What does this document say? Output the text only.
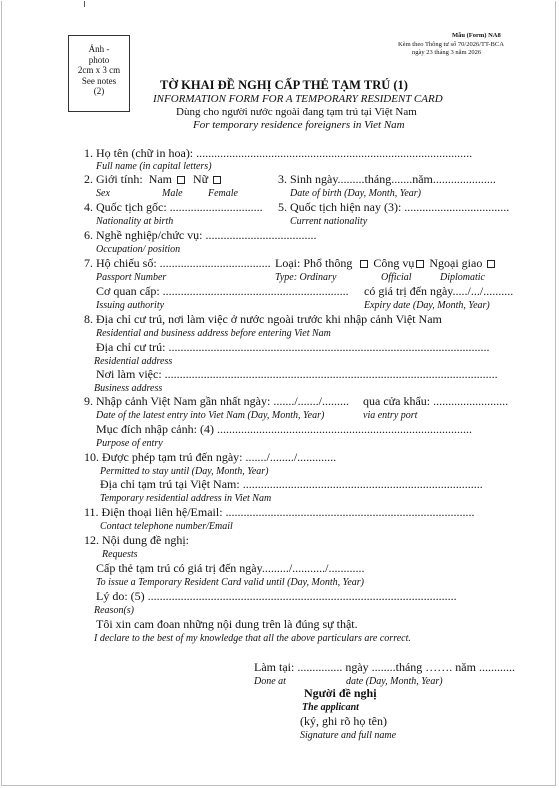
Mẫu (Form) NA8
Kèm theo Thông tư số 70/2026/TT-BCA
ngày 23 tháng 3 năm 2026
Ảnh -
photo
2cm x 3 cm
See notes
(2)	TỜ KHAI ĐỀ NGHỊ CẤP THẺ TẠM TRÚ (1)
INFORMATION FORM FOR A TEMPORARY RESIDENT CARD
Dùng cho người nước ngoài đang tạm trú tại Việt Nam
For temporary residence foreigners in Viet Nam
1. Họ tên (chữ in hoa): ............................................................................................
Full name (in capital letters)
2. Giới tính: Nam Nữ	3. Sinh ngày.........tháng.......năm.....................
Sex	Male	Female	Date of birth (Day, Month, Year)
4. Quốc tịch gốc: ............................... 5. Quốc tịch hiện nay (3): ...................................
Nationality at birth	Current nationality
6. Nghề nghiệp/chức vụ: .....................................
Occupation/ position
7. Hộ chiếu số: ..................................... Loại: Phổ thông Công vụ Ngoại giao
Passport Number	Type: Ordinary	Official	Diplomatic
Cơ quan cấp: .............................................................. có giá trị đến ngày...../.../..........
Issuing authority	Expiry date (Day, Month, Year)
8. Địa chỉ cư trú, nơi làm việc ở nước ngoài trước khi nhập cảnh Việt Nam
Residential and business address before entering Viet Nam
Địa chỉ cư trú: ...........................................................................................................
Residential address
Nơi làm việc: ...............................................................................................................
Business address
9. Nhập cảnh Việt Nam gần nhất ngày: ......./......./......... qua cửa khẩu: .........................
Date of the latest entry into Viet Nam (Day, Month, Year)	via entry port
Mục đích nhập cảnh: (4) .....................................................................................
Purpose of entry
10. Được phép tạm trú đến ngày: ......./......../.............
Permitted to stay until (Day, Month, Year)
Địa chỉ tạm trú tại Việt Nam: ................................................................................
Temporary residential address in Viet Nam
11. Điện thoại liên hệ/Email: ...................................................................................
Contact telephone number/Email
12. Nội dung đề nghị:
Requests
Cấp thẻ tạm trú có giá trị đến ngày........./.........../............
To issue a Temporary Resident Card valid until (Day, Month, Year)
Lý do: (5) .......................................................................................................
Reason(s)
Tôi xin cam đoan những nội dung trên là đúng sự thật.
I declare to the best of my knowledge that all the above particulars are correct.
Làm tại: ............... ngày ........tháng ……. năm ............
Done at	date (Day, Month, Year)
Người đề nghị
The applicant
(ký, ghi rõ họ tên)
Signature and full name
